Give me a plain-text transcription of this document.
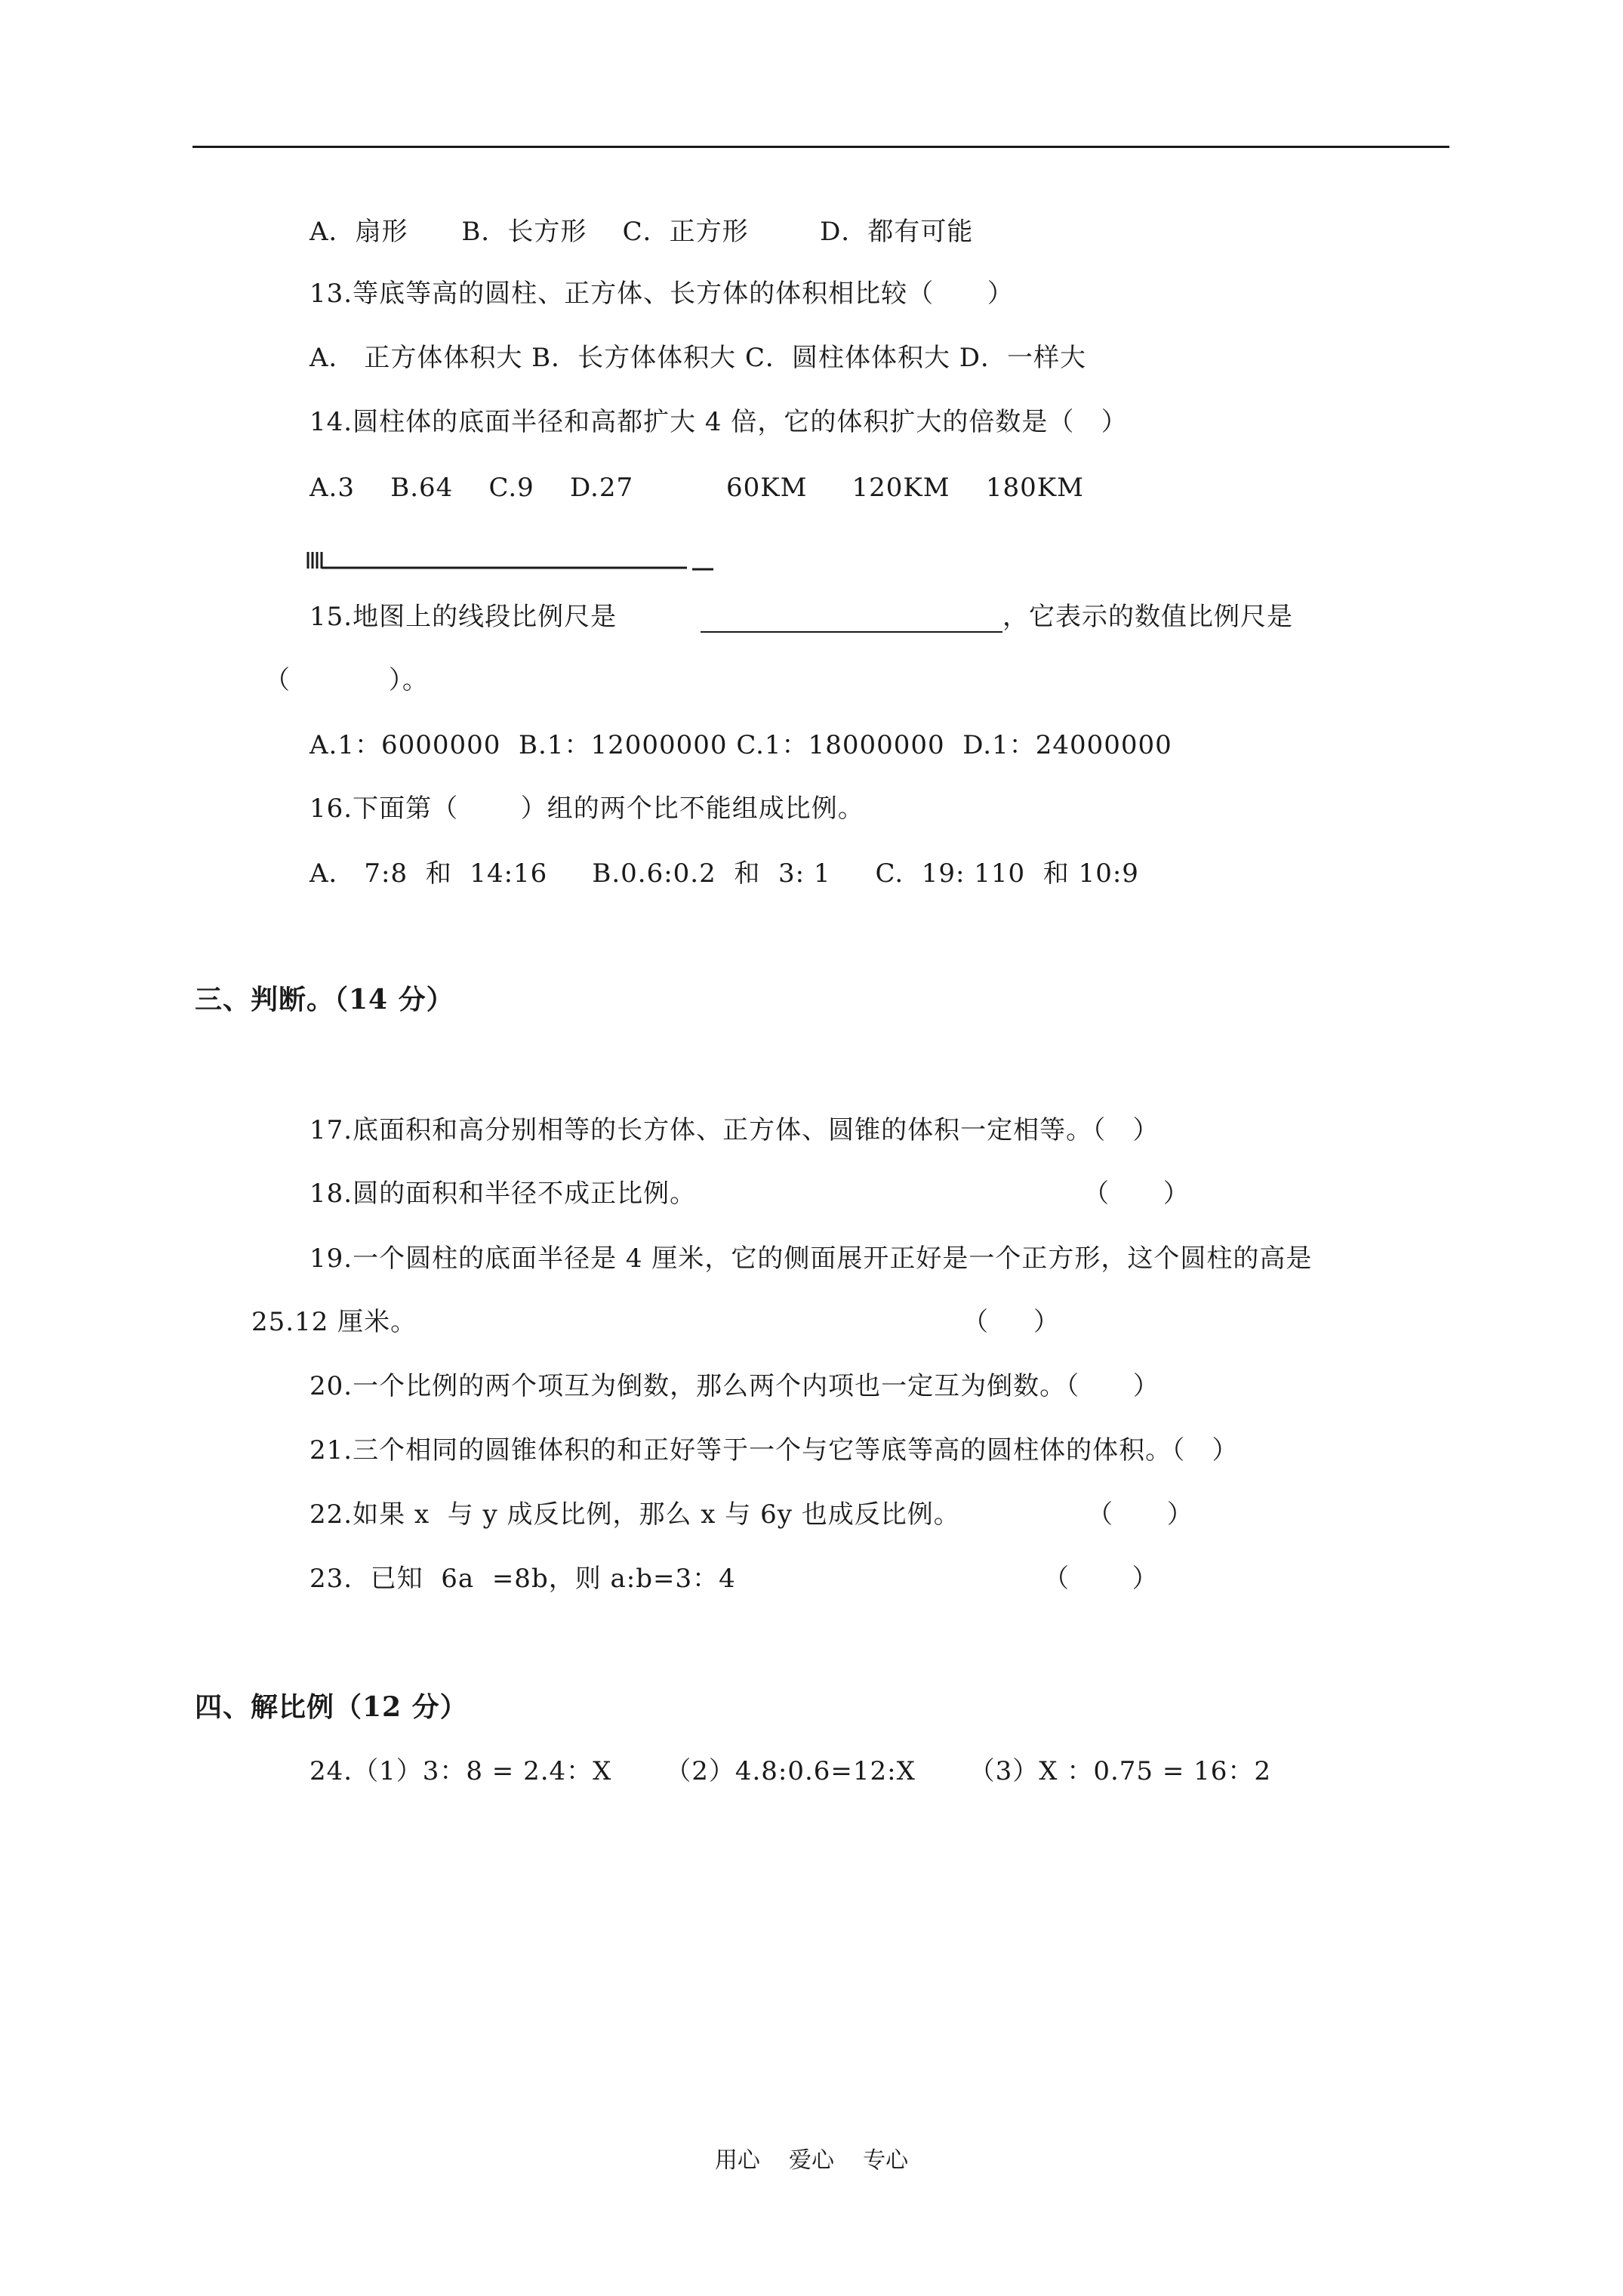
A．扇形      B．长方形    C．正方形        D．都有可能
13.等底等高的圆柱、正方体、长方体的体积相比较（      ）
A． 正方体体积大 B．长方体体积大 C．圆柱体体积大 D．一样大
14.圆柱体的底面半径和高都扩大 4 倍，它的体积扩大的倍数是（   ）
A.3    B.64    C.9    D.27	60KM     120KM    180KM
15.地图上的线段比例尺是	，它表示的数值比例尺是
（           ）。
A.1：6000000  B.1：12000000 C.1：18000000  D.1：24000000
16.下面第（       ）组的两个比不能组成比例。
A． 7:8  和  14:16     B.0.6:0.2  和  3: 1     C.  19: 110  和 10:9
三、判断。（14 分）
17.底面积和高分别相等的长方体、正方体、圆锥的体积一定相等。（   ）
18.圆的面积和半径不成正比例。	（      ）
19.一个圆柱的底面半径是 4 厘米，它的侧面展开正好是一个正方形，这个圆柱的高是
25.12 厘米。	（     ）
20.一个比例的两个项互为倒数，那么两个内项也一定互为倒数。（      ）
21.三个相同的圆锥体积的和正好等于一个与它等底等高的圆柱体的体积。（   ）
22.如果 x  与 y 成反比例，那么 x 与 6y 也成反比例。	（      ）
23.  已知  6a  =8b，则 a:b=3：4	（       ）
四、解比例（12 分）
24.（1）3：8 = 2.4：X      （2）4.8:0.6=12:X      （3）X ：0.75 = 16：2
用心    爱心    专心
